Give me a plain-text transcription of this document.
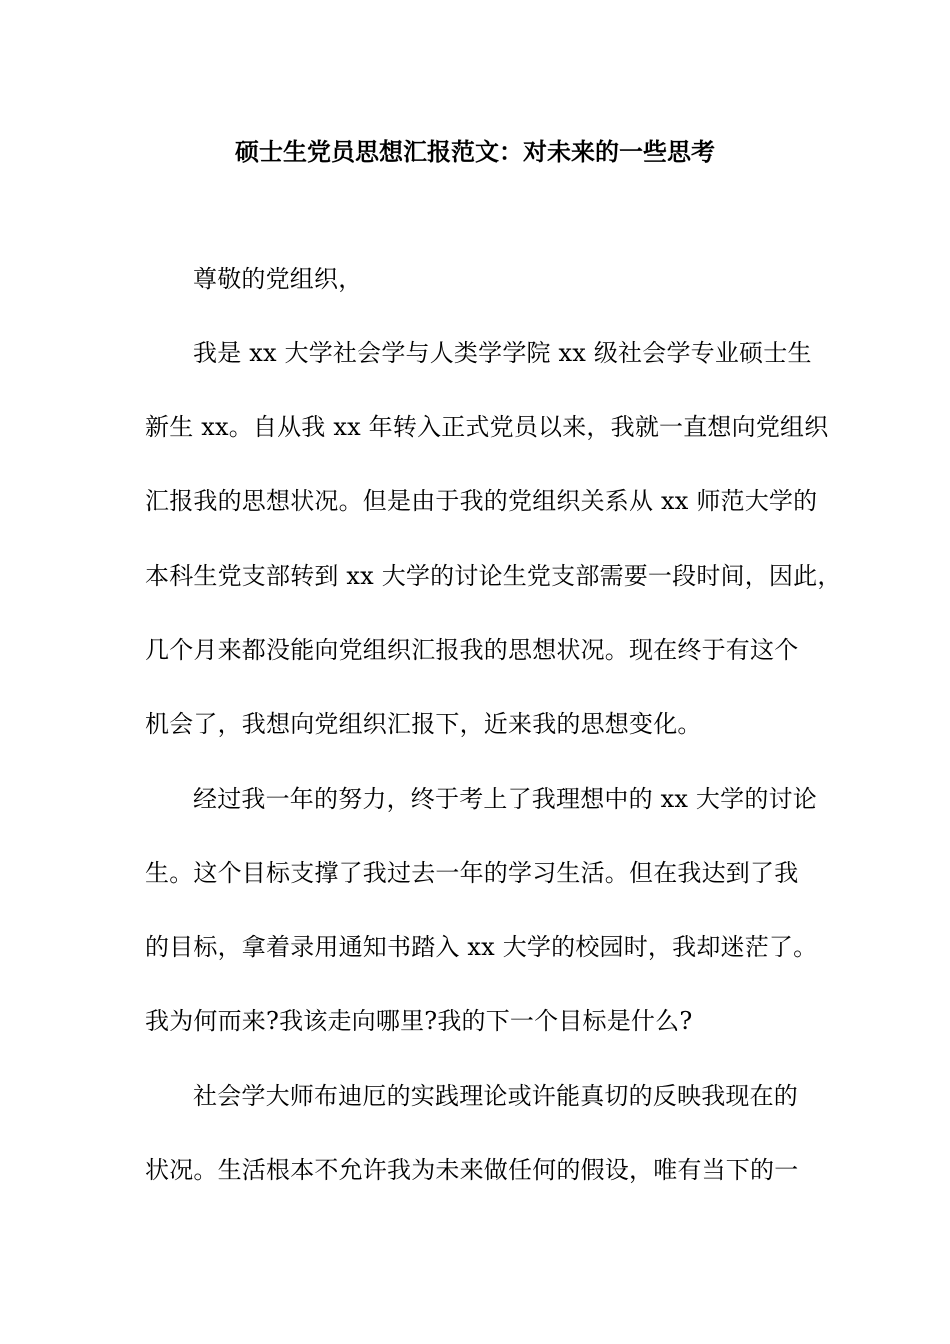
硕士生党员思想汇报范文：对未来的一些思考
尊敬的党组织，
我是 xx 大学社会学与人类学学院 xx 级社会学专业硕士生
新生 xx。自从我 xx 年转入正式党员以来，我就一直想向党组织
汇报我的思想状况。但是由于我的党组织关系从 xx 师范大学的
本科生党支部转到 xx 大学的讨论生党支部需要一段时间，因此，
几个月来都没能向党组织汇报我的思想状况。现在终于有这个
机会了，我想向党组织汇报下，近来我的思想变化。
经过我一年的努力，终于考上了我理想中的 xx 大学的讨论
生。这个目标支撑了我过去一年的学习生活。但在我达到了我
的目标，拿着录用通知书踏入 xx 大学的校园时，我却迷茫了。
我为何而来?我该走向哪里?我的下一个目标是什么?
社会学大师布迪厄的实践理论或许能真切的反映我现在的
状况。生活根本不允许我为未来做任何的假设，唯有当下的一
